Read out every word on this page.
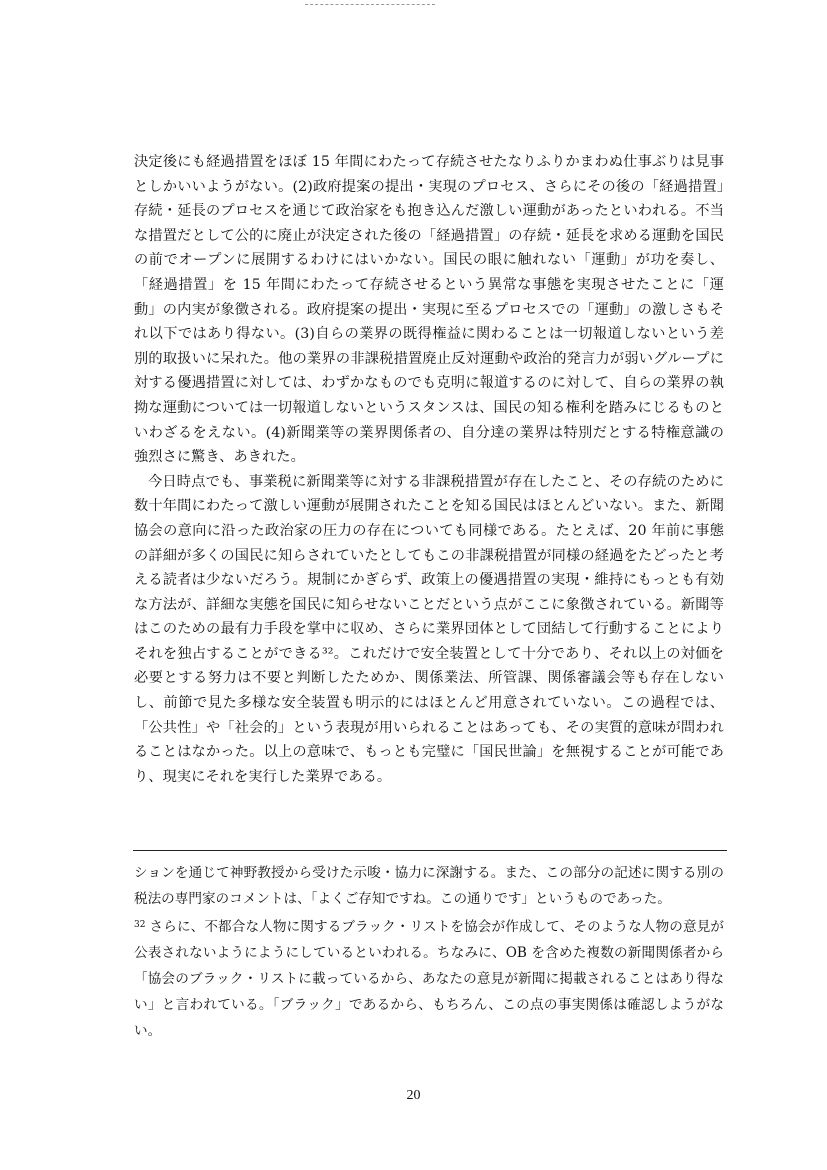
決定後にも経過措置をほぼ 15 年間にわたって存続させたなりふりかまわぬ仕事ぶりは見事としかいいようがない。(2)政府提案の提出・実現のプロセス、さらにその後の「経過措置」存続・延長のプロセスを通じて政治家をも抱き込んだ激しい運動があったといわれる。不当な措置だとして公的に廃止が決定された後の「経過措置」の存続・延長を求める運動を国民の前でオープンに展開するわけにはいかない。国民の眼に触れない「運動」が功を奏し、「経過措置」を 15 年間にわたって存続させるという異常な事態を実現させたことに「運動」の内実が象徴される。政府提案の提出・実現に至るプロセスでの「運動」の激しさもそれ以下ではあり得ない。(3)自らの業界の既得権益に関わることは一切報道しないという差別的取扱いに呆れた。他の業界の非課税措置廃止反対運動や政治的発言力が弱いグループに対する優遇措置に対しては、わずかなものでも克明に報道するのに対して、自らの業界の執拗な運動については一切報道しないというスタンスは、国民の知る権利を踏みにじるものといわざるをえない。(4)新聞業等の業界関係者の、自分達の業界は特別だとする特権意識の強烈さに驚き、あきれた。

今日時点でも、事業税に新聞業等に対する非課税措置が存在したこと、その存続のために数十年間にわたって激しい運動が展開されたことを知る国民はほとんどいない。また、新聞協会の意向に沿った政治家の圧力の存在についても同様である。たとえば、20 年前に事態の詳細が多くの国民に知らされていたとしてもこの非課税措置が同様の経過をたどったと考える読者は少ないだろう。規制にかぎらず、政策上の優遇措置の実現・維持にもっとも有効な方法が、詳細な実態を国民に知らせないことだという点がここに象徴されている。新聞等はこのための最有力手段を掌中に収め、さらに業界団体として団結して行動することによりそれを独占することができる³²。これだけで安全装置として十分であり、それ以上の対価を必要とする努力は不要と判断したためか、関係業法、所管課、関係審議会等も存在しないし、前節で見た多様な安全装置も明示的にはほとんど用意されていない。この過程では、「公共性」や「社会的」という表現が用いられることはあっても、その実質的意味が問われることはなかった。以上の意味で、もっとも完璧に「国民世論」を無視することが可能であり、現実にそれを実行した業界である。

ションを通じて神野教授から受けた示唆・協力に深謝する。また、この部分の記述に関する別の税法の専門家のコメントは、「よくご存知ですね。この通りです」というものであった。

$^{32}$ さらに、不都合な人物に関するブラック・リストを協会が作成して、そのような人物の意見が公表されないようにようにしているといわれる。ちなみに、OB を含めた複数の新聞関係者から「協会のブラック・リストに載っているから、あなたの意見が新聞に掲載されることはあり得ない」と言われている。「ブラック」であるから、もちろん、この点の事実関係は確認しようがない。

20
